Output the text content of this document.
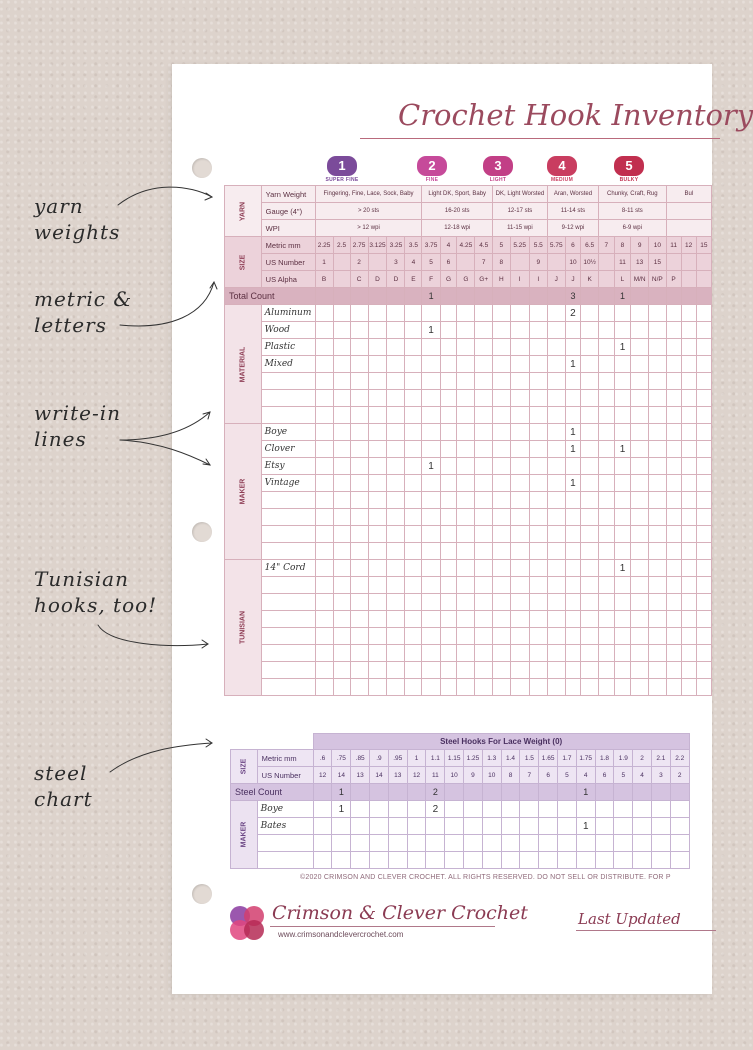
yarn
weights
metric &
letters
write-in
lines
Tunisian
hooks, too!
steel
chart
Crochet Hook Inventory
1
SUPER FINE
2
FINE
3
LIGHT
4
MEDIUM
5
BULKY
YARN	Yarn Weight	Fingering, Fine, Lace, Sock, Baby						Light DK, Sport, Baby				DK, Light Worsted			Aran, Worsted			Chunky, Craft, Rug				Bul		
	Gauge (4")	> 20 sts						16-20 sts				12-17 sts			11-14 sts			8-11 sts						
	WPI	> 12 wpi						12-18 wpi				11-15 wpi			9-12 wpi			6-9 wpi						

SIZE	Metric mm	2.25	2.5	2.75	3.125	3.25	3.5	3.75	4	4.25	4.5	5	5.25	5.5	5.75	6	6.5	7	8	9	10	11	12	15
	US Number	1		2		3	4	5	6		7	8		9		10	10½		11	13	15			
	US Alpha	B		C	D	D	E	F	G	G	G+	H	I	I	J	J	K		L	M/N	N/P	P		
Total Count								1								3			1					

MATERIAL	Aluminum															2								
	Wood							1																
	Plastic																		1					
	Mixed															1								

MAKER	Boye															1								
	Clover															1			1					
	Etsy							1																
	Vintage															1								

TUNISIAN	14" Cord																		1					

		Steel Hooks For Lace Weight (0)																			

SIZE	Metric mm	.6	.75	.85	.9	.95	1	1.1	1.15	1.25	1.3	1.4	1.5	1.65	1.7	1.75	1.8	1.9	2	2.1	2.2
	US Number	12	14	13	14	13	12	11	10	9	10	8	7	6	5	4	6	5	4	3	2
Steel Count			1					2								1					

MAKER	Boye		1					2													
	Bates															1					

©2020 CRIMSON AND CLEVER CROCHET. ALL RIGHTS RESERVED. DO NOT SELL OR DISTRIBUTE. FOR P
Crimson & Clever Crochet
www.crimsonandclevercrochet.com
Last Updated
